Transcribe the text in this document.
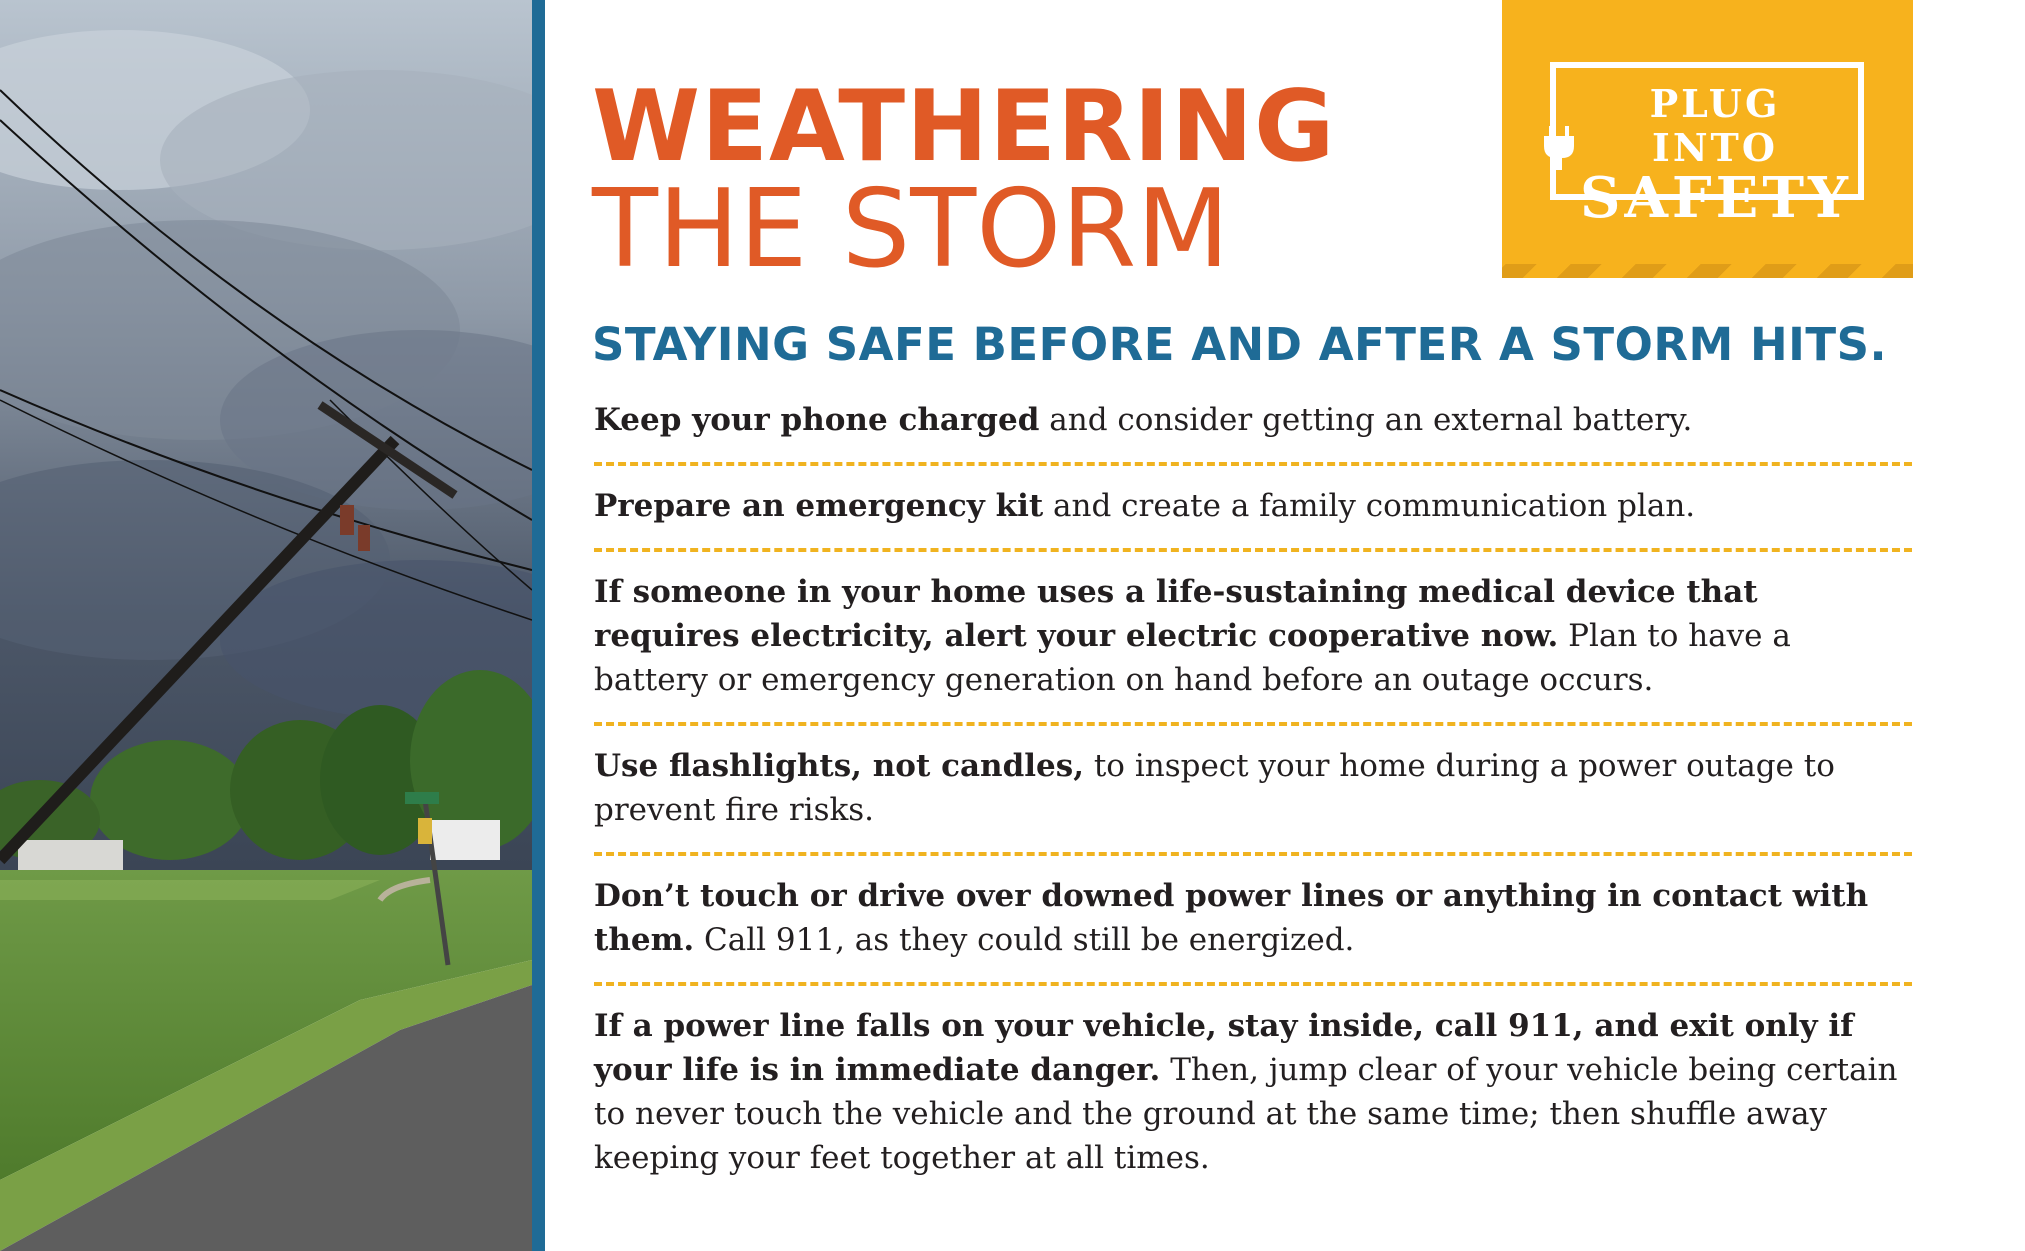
WEATHERING
THE STORM
PLUG INTO
SAFETY
STAYING SAFE BEFORE AND AFTER A STORM HITS.
Keep your phone charged and consider getting an external battery.
Prepare an emergency kit and create a family communication plan.
If someone in your home uses a life-sustaining medical device that requires electricity, alert your electric cooperative now. Plan to have a battery or emergency generation on hand before an outage occurs.
Use flashlights, not candles, to inspect your home during a power outage to prevent fire risks.
Don’t touch or drive over downed power lines or anything in contact with them. Call 911, as they could still be energized.
If a power line falls on your vehicle, stay inside, call 911, and exit only if your life is in immediate danger. Then, jump clear of your vehicle being certain to never touch the vehicle and the ground at the same time; then shuffle away keeping your feet together at all times.
